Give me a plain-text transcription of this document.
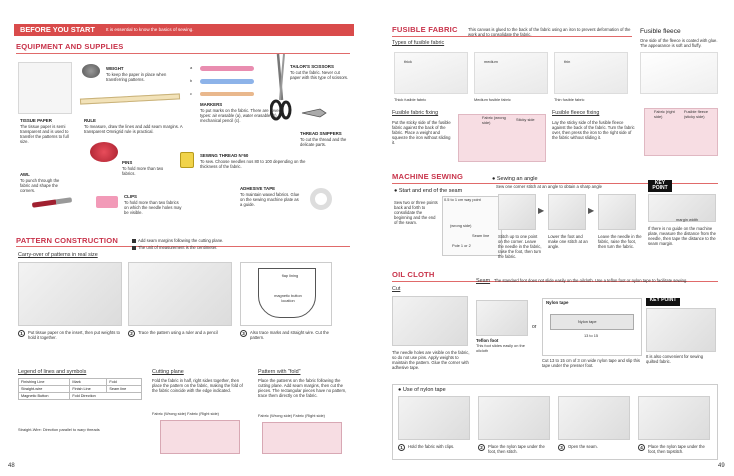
BEFORE YOU START It is essential to know the basics of sewing.
EQUIPMENT AND SUPPLIES
TISSUE PAPER
The tissue paper is semi transparent and is used to transfer the patterns to full size.
WEIGHT
To keep the paper in place when transferring patterns.
RULE
To measure, draw the lines and add seam margins. A transparent Omnigrid rule is practical.
a
b
c
MARKERS
To put marks on the fabric. There are several types: air erasable (a), water erasable (b), mechanical pencil (c).
TAILOR'S SCISSORS
To cut the fabric. Never cut paper with this type of scissors.
THREAD SNIPPERS
To cut the thread and the delicate parts.
PINS
To hold more than two fabrics.
AWL
To punch through the fabric and shape the corners.
CLIPS
To hold more than two fabrics on which the needle holes may be visible.
SEWING THREAD N°60
To sew. Choose needles nos 80 to 100 depending on the thickness of the fabric.
ADHESIVE TAPE
To maintain waxed fabrics. Glue on the sewing machine plate as a guide.
PATTERN CONSTRUCTION	Add seam margins following the cutting plane.
The unit of measurement is the centimeter.
Carry-over of patterns in real size
flap lining
magnetic button location
1	Put tissue paper on the insert, then put weights to hold it together.
2	Trace the pattern using a ruler and a pencil	3	Also trace marks and straight wire. Cut the pattern.
Legend of lines and symbols
Finishing Line	Mark	Fold
Straight-wire	Finish Line	Seam line
Magnetic Button	Fold Direction	
Straight-Wire: Direction parallel to warp threads
Cutting plane
Fold the fabric in half, right sides together, then place the pattern on the fabric, making the fold of the fabric coincide with the edge indicated.
Fabric (Wrong side) Fabric (Right side)
Pattern with "fold"
Place the patterns on the fabric following the cutting plane. Add seam margins, then cut the pieces. The rectangular pieces have no pattern, trace them directly on the fabric.
Fabric (Wrong side) Fabric (Right side)
48
FUSIBLE FABRIC This canvas is glued to the back of the fabric using an iron to prevent deformation of the work and to consolidate the fabric.
Types of fusible fabric
thick	medium	thin
Thick fusible fabric	Medium fusible fabric	Thin fusible fabric
Fusible fleece
One side of the fleece is coated with glue. The appearance is soft and fluffy.
Fusible fabric fixing
Put the sticky side of the fusible fabric against the back of the fabric. Place a weight and squeeze the iron without sliding it.
Fabric (wrong side)
Sticky side
Fusible fleece fixing
Lay the sticky side of the fusible fleece against the back of the fabric. Turn the fabric over, then press the iron to the right side of the fabric without sliding it.
Fabric (right side)
Fusible fleece (sticky side)
MACHINE SEWING
● Start and end of the seam
Sew two or three points back and forth to consolidate the beginning and the end of the seam.
0.5 to 1 cm way point
(wrong side)
Seam line
Pole 1 or 2
● Sewing an angle
Sew one corner stitch at an angle to obtain a sharp angle
▶	▶
Stitch up to one point on the corner. Leave the needle in the fabric, raise the foot, then turn the fabric.
Lower the foot and make one stitch at an angle.
Leave the needle in the fabric, raise the foot, then turn the fabric.
KEY POINT
margin width
If there is no guide on the machine plate, measure the distance from the needle, then tape the distance to the seam margin.
OIL CLOTH
Cut
The needle holes are visible on the fabric, so do not use pins. Apply weights to maintain the pattern. Glue the corner with adhesive tape.
Seam The standard foot does not slide easily on the oilcloth. Use a teflon foot or nylon tape to facilitate sewing.
Teflon foot
This foot slides easily on the oilcloth
or
Nylon tape
Nylon tape
13 to 15
Cut 13 to 15 cm of 3 cm wide nylon tape and slip this tape under the presser foot.
KEY POINT
It is also convenient for sewing quilted fabric.
● Use of nylon tape
1	Hold the fabric with clips.	2	Place the nylon tape under the foot, then stitch.
3	Open the seam.	4	Place the nylon tape under the foot, then topstitch.
49
